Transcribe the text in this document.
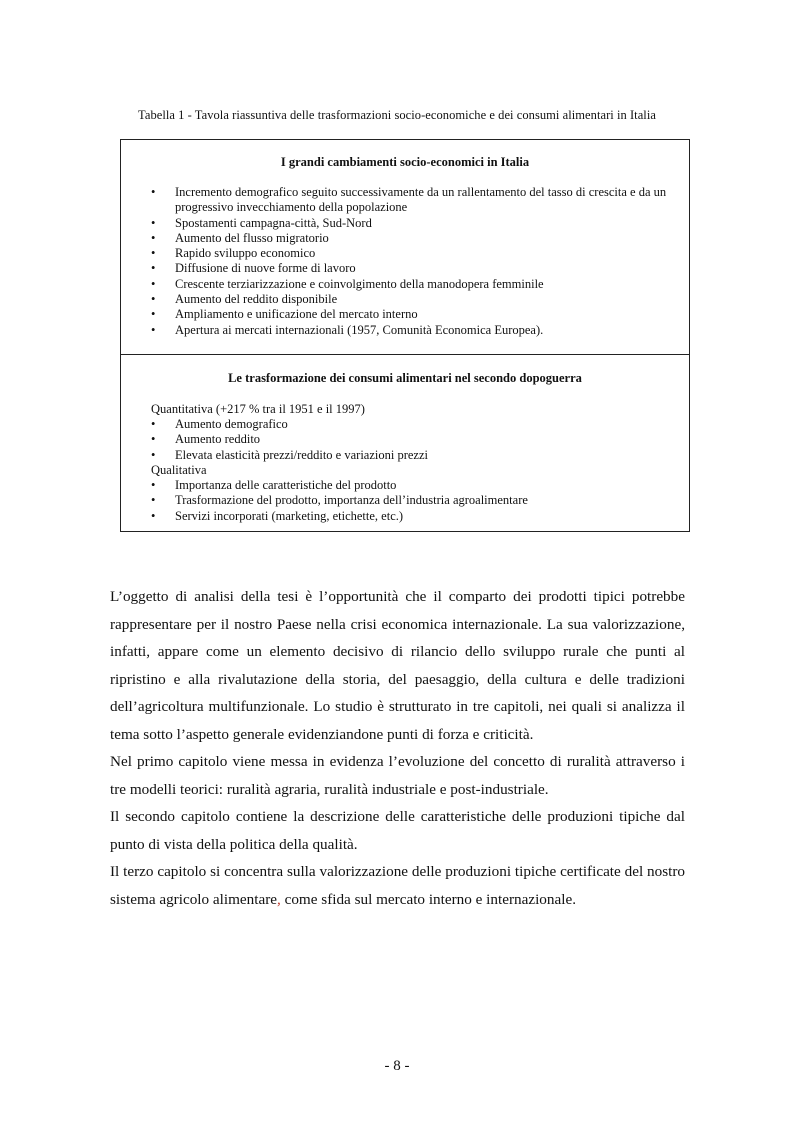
Tabella 1 - Tavola riassuntiva delle trasformazioni socio-economiche e dei consumi alimentari in Italia
I grandi cambiamenti socio-economici in Italia
• Incremento demografico seguito successivamente da un rallentamento del tasso di crescita e da un progressivo invecchiamento della popolazione
• Spostamenti campagna-città, Sud-Nord
• Aumento del flusso migratorio
• Rapido sviluppo economico
• Diffusione di nuove forme di lavoro
• Crescente terziarizzazione e coinvolgimento della manodopera femminile
• Aumento del reddito disponibile
• Ampliamento e unificazione del mercato interno
• Apertura ai mercati internazionali (1957, Comunità Economica Europea).
Le trasformazione dei consumi alimentari nel secondo dopoguerra
Quantitativa (+217 % tra il 1951 e il 1997)
• Aumento demografico
• Aumento reddito
• Elevata elasticità prezzi/reddito e variazioni prezzi
Qualitativa
• Importanza delle caratteristiche del prodotto
• Trasformazione del prodotto, importanza dell’industria agroalimentare
• Servizi incorporati (marketing, etichette, etc.)

L’oggetto di analisi della tesi è l’opportunità che il comparto dei prodotti tipici potrebbe rappresentare per il nostro Paese nella crisi economica internazionale. La sua valorizzazione, infatti, appare come un elemento decisivo di rilancio dello sviluppo rurale che punti al ripristino e alla rivalutazione della storia, del paesaggio, della cultura e delle tradizioni dell’agricoltura multifunzionale. Lo studio è strutturato in tre capitoli, nei quali si analizza il tema sotto l’aspetto generale evidenziandone punti di forza e criticità.

Nel primo capitolo viene messa in evidenza l’evoluzione del concetto di ruralità attraverso i tre modelli teorici: ruralità agraria, ruralità industriale e post-industriale.

Il secondo capitolo contiene la descrizione delle caratteristiche delle produzioni tipiche dal punto di vista della politica della qualità.

Il terzo capitolo si concentra sulla valorizzazione delle produzioni tipiche certificate del nostro sistema agricolo alimentare, come sfida sul mercato interno e internazionale.

- 8 -
